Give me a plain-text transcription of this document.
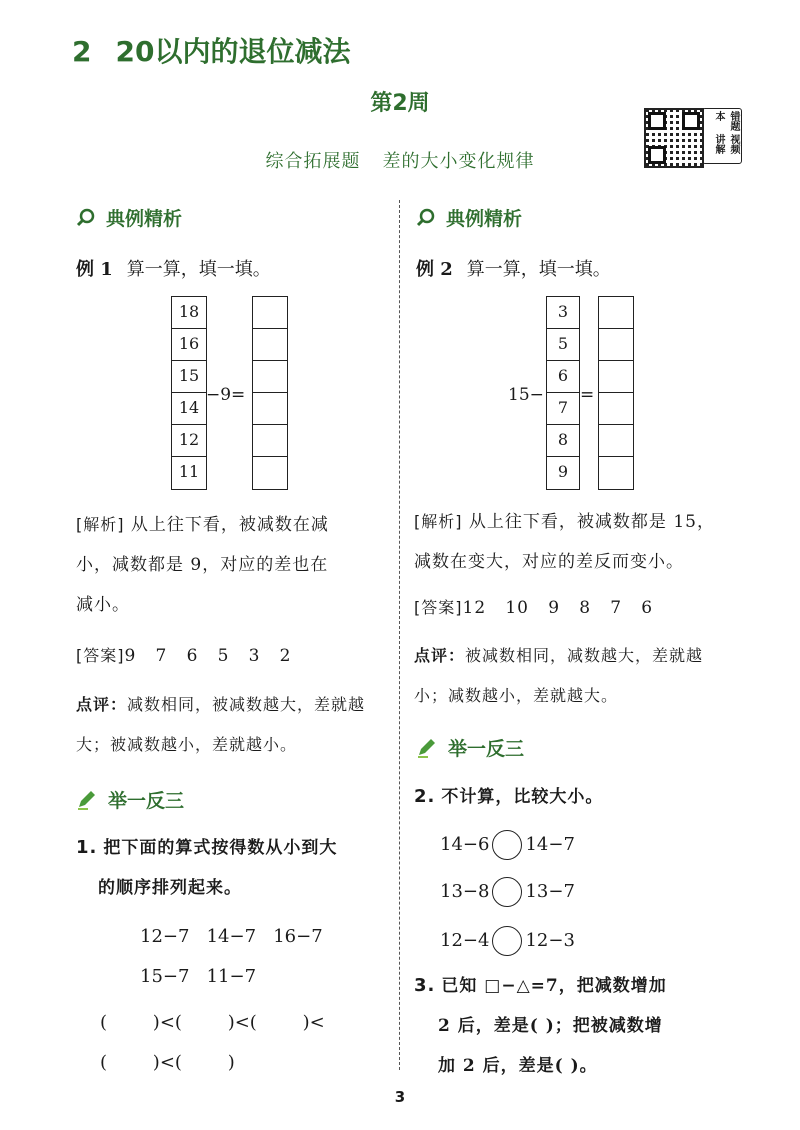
2 20以内的退位减法
第2周
综合拓展题 差的大小变化规律
错题本
视频讲解
典例精析
例 1 算一算，填一填。
18
16
15
14
12
11
−9=
[解析] 从上往下看，被减数在减
小，减数都是 9，对应的差也在
减小。
[答案]9   7   6   5   3   2
点评：减数相同，被减数越大，差就越
大；被减数越小，差就越小。
举一反三
1. 把下面的算式按得数从小到大
的顺序排列起来。
12−7   14−7   16−7
15−7   11−7
(        )<(        )<(        )<
(        )<(        )
典例精析
例 2 算一算，填一填。
15−
3
5
6
7
8
9
=
[解析] 从上往下看，被减数都是 15，
减数在变大，对应的差反而变小。
[答案]12   10   9   8   7   6
点评：被减数相同，减数越大，差就越
小；减数越小，差就越大。
举一反三
2. 不计算，比较大小。
14−6 14−7
13−8 13−7
12−4 12−3
3. 已知 □−△=7，把减数增加
2 后，差是( )；把被减数增
加 2 后，差是( )。
3
